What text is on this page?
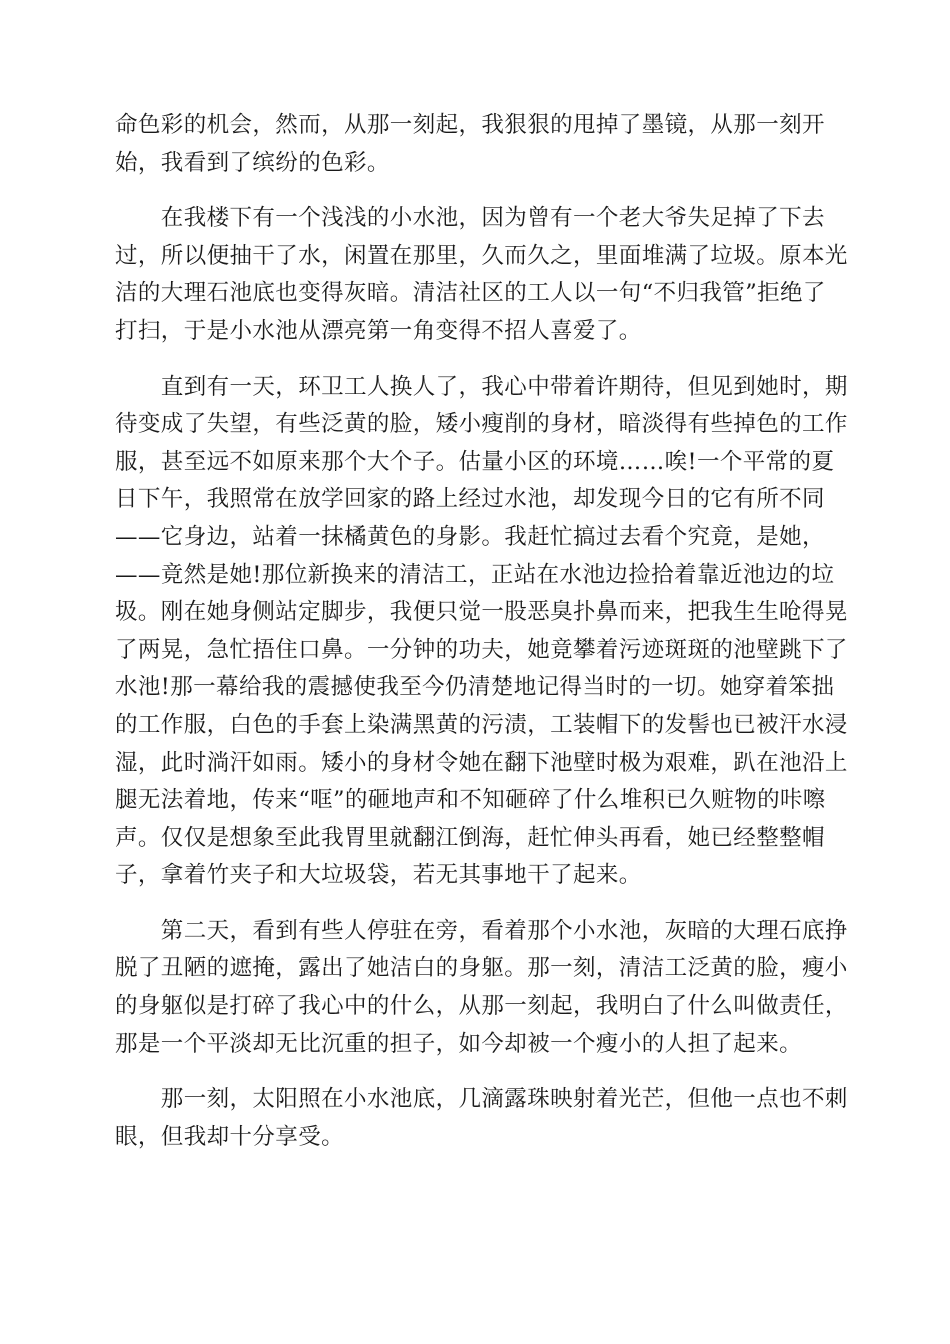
命色彩的机会，然而，从那一刻起，我狠狠的甩掉了墨镜，从那一刻开
始，我看到了缤纷的色彩。
　　在我楼下有一个浅浅的小水池，因为曾有一个老大爷失足掉了下去
过，所以便抽干了水，闲置在那里，久而久之，里面堆满了垃圾。原本光
洁的大理石池底也变得灰暗。清洁社区的工人以一句“不归我管”拒绝了
打扫，于是小水池从漂亮第一角变得不招人喜爱了。
　　直到有一天，环卫工人换人了，我心中带着许期待，但见到她时，期
待变成了失望，有些泛黄的脸，矮小瘦削的身材，暗淡得有些掉色的工作
服，甚至远不如原来那个大个子。估量小区的环境……唉!一个平常的夏
日下午，我照常在放学回家的路上经过水池，却发现今日的它有所不同
——它身边，站着一抹橘黄色的身影。我赶忙搞过去看个究竟，是她，
——竟然是她!那位新换来的清洁工，正站在水池边捡拾着靠近池边的垃
圾。刚在她身侧站定脚步，我便只觉一股恶臭扑鼻而来，把我生生呛得晃
了两晃，急忙捂住口鼻。一分钟的功夫，她竟攀着污迹斑斑的池壁跳下了
水池!那一幕给我的震撼使我至今仍清楚地记得当时的一切。她穿着笨拙
的工作服，白色的手套上染满黑黄的污渍，工装帽下的发髻也已被汗水浸
湿，此时淌汗如雨。矮小的身材令她在翻下池壁时极为艰难，趴在池沿上
腿无法着地，传来“哐”的砸地声和不知砸碎了什么堆积已久赃物的咔嚓
声。仅仅是想象至此我胃里就翻江倒海，赶忙伸头再看，她已经整整帽
子，拿着竹夹子和大垃圾袋，若无其事地干了起来。
　　第二天，看到有些人停驻在旁，看着那个小水池，灰暗的大理石底挣
脱了丑陋的遮掩，露出了她洁白的身躯。那一刻，清洁工泛黄的脸，瘦小
的身躯似是打碎了我心中的什么，从那一刻起，我明白了什么叫做责任，
那是一个平淡却无比沉重的担子，如今却被一个瘦小的人担了起来。
　　那一刻，太阳照在小水池底，几滴露珠映射着光芒，但他一点也不刺
眼，但我却十分享受。
